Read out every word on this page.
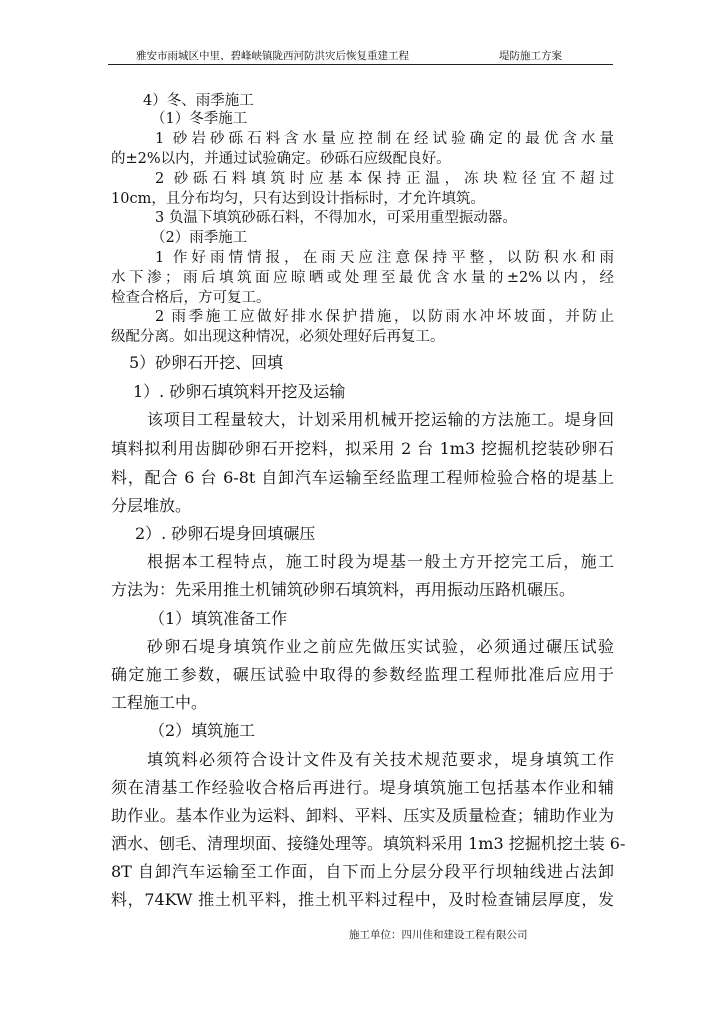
雅安市雨城区中里、碧峰峡镇陇西河防洪灾后恢复重建工程	堤防施工方案
4）冬、雨季施工
（1）冬季施工
1 砂岩砂砾石料含水量应控制在经试验确定的最优含水量
的±2%以内，并通过试验确定。砂砾石应级配良好。
2 砂砾石料填筑时应基本保持正温，冻块粒径宜不超过
10cm，且分布均匀，只有达到设计指标时，才允许填筑。
3 负温下填筑砂砾石料，不得加水，可采用重型振动器。
（2）雨季施工
1 作好雨情情报，在雨天应注意保持平整，以防积水和雨
水下渗；雨后填筑面应晾晒或处理至最优含水量的±2%以内，经
检查合格后，方可复工。
2 雨季施工应做好排水保护措施，以防雨水冲坏坡面，并防止
级配分离。如出现这种情况，必须处理好后再复工。
5）砂卵石开挖、回填
1）. 砂卵石填筑料开挖及运输
该项目工程量较大，计划采用机械开挖运输的方法施工。堤身回
填料拟利用齿脚砂卵石开挖料，拟采用 2 台 1m3 挖掘机挖装砂卵石
料，配合 6 台 6-8t 自卸汽车运输至经监理工程师检验合格的堤基上
分层堆放。
2）. 砂卵石堤身回填碾压
根据本工程特点，施工时段为堤基一般土方开挖完工后，施工
方法为：先采用推土机铺筑砂卵石填筑料，再用振动压路机碾压。
（1）填筑准备工作
砂卵石堤身填筑作业之前应先做压实试验，必须通过碾压试验
确定施工参数，碾压试验中取得的参数经监理工程师批准后应用于
工程施工中。
（2）填筑施工
填筑料必须符合设计文件及有关技术规范要求，堤身填筑工作
须在清基工作经验收合格后再进行。堤身填筑施工包括基本作业和辅
助作业。基本作业为运料、卸料、平料、压实及质量检查；辅助作业为
洒水、刨毛、清理坝面、接缝处理等。填筑料采用 1m3 挖掘机挖土装 6-
8T 自卸汽车运输至工作面，自下而上分层分段平行坝轴线进占法卸
料，74KW 推土机平料，推土机平料过程中，及时检查铺层厚度，发
施工单位：四川佳和建设工程有限公司
